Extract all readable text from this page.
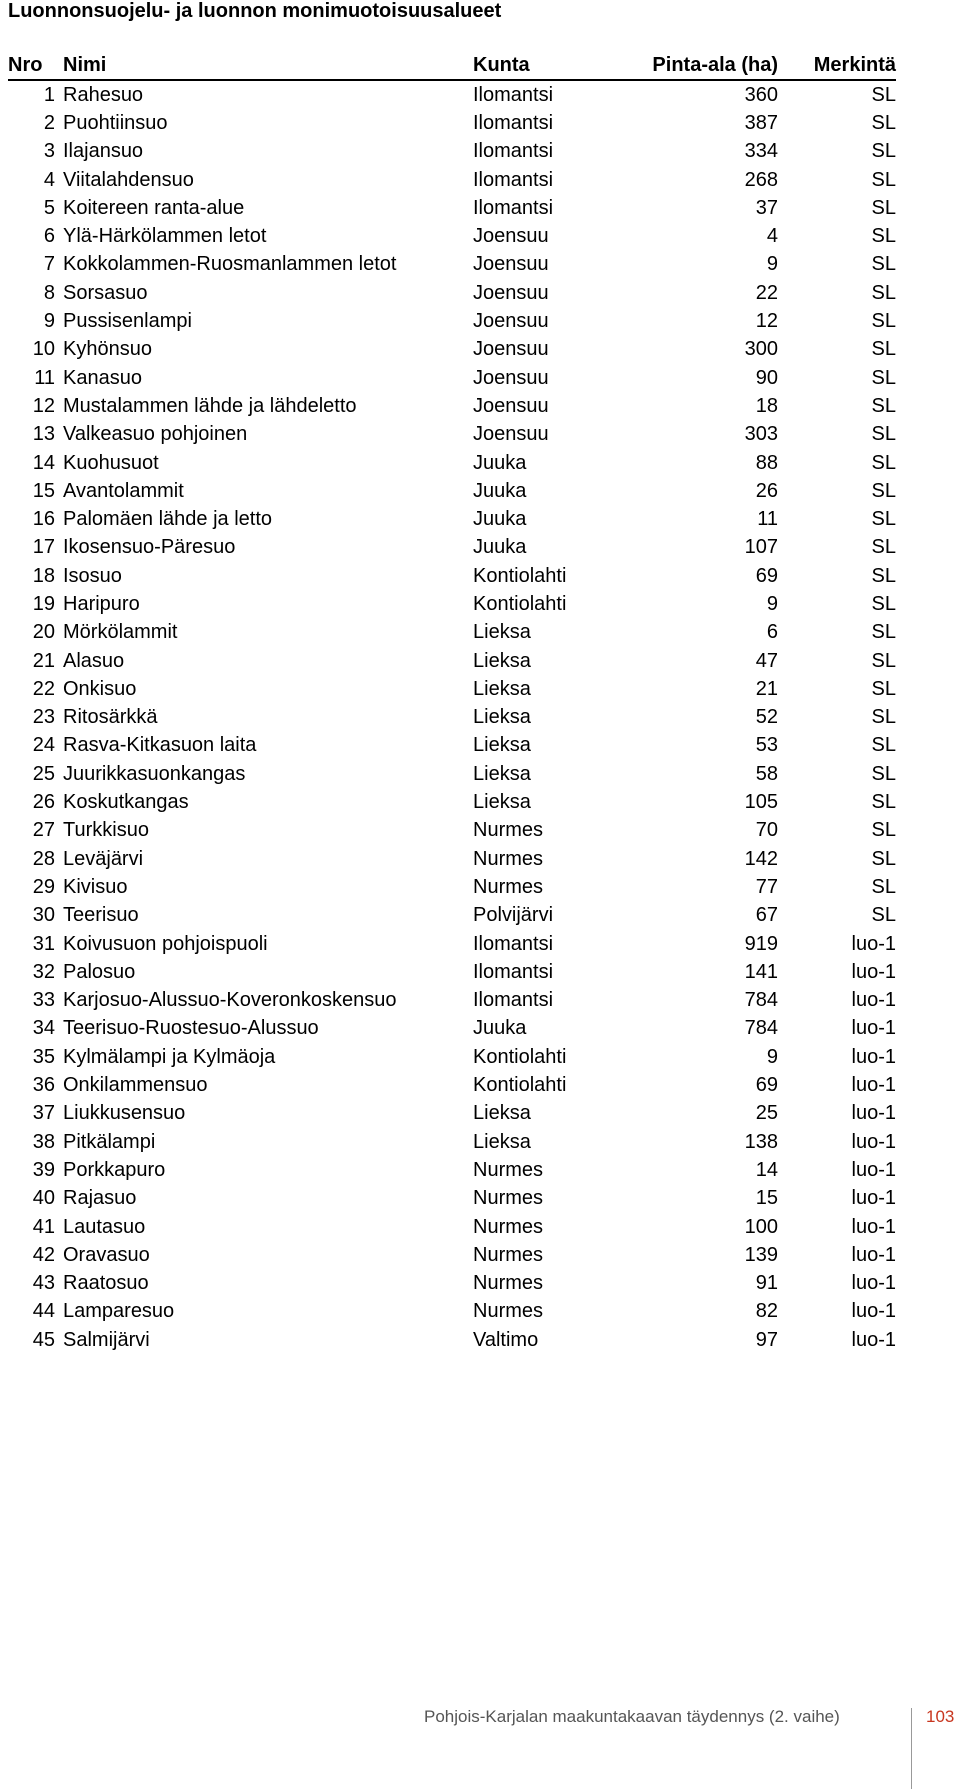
Luonnonsuojelu- ja luonnon monimuotoisuusalueet
Nro	Nimi	Kunta	Pinta-ala (ha)	Merkintä
1	Rahesuo	Ilomantsi	360	SL
2	Puohtiinsuo	Ilomantsi	387	SL
3	Ilajansuo	Ilomantsi	334	SL
4	Viitalahdensuo	Ilomantsi	268	SL
5	Koitereen ranta-alue	Ilomantsi	37	SL
6	Ylä-Härkölammen letot	Joensuu	4	SL
7	Kokkolammen-Ruosmanlammen letot	Joensuu	9	SL
8	Sorsasuo	Joensuu	22	SL
9	Pussisenlampi	Joensuu	12	SL
10	Kyhönsuo	Joensuu	300	SL
11	Kanasuo	Joensuu	90	SL
12	Mustalammen lähde ja lähdeletto	Joensuu	18	SL
13	Valkeasuo pohjoinen	Joensuu	303	SL
14	Kuohusuot	Juuka	88	SL
15	Avantolammit	Juuka	26	SL
16	Palomäen lähde ja letto	Juuka	11	SL
17	Ikosensuo-Päresuo	Juuka	107	SL
18	Isosuo	Kontiolahti	69	SL
19	Haripuro	Kontiolahti	9	SL
20	Mörkölammit	Lieksa	6	SL
21	Alasuo	Lieksa	47	SL
22	Onkisuo	Lieksa	21	SL
23	Ritosärkkä	Lieksa	52	SL
24	Rasva-Kitkasuon laita	Lieksa	53	SL
25	Juurikkasuonkangas	Lieksa	58	SL
26	Koskutkangas	Lieksa	105	SL
27	Turkkisuo	Nurmes	70	SL
28	Leväjärvi	Nurmes	142	SL
29	Kivisuo	Nurmes	77	SL
30	Teerisuo	Polvijärvi	67	SL
31	Koivusuon pohjoispuoli	Ilomantsi	919	luo-1
32	Palosuo	Ilomantsi	141	luo-1
33	Karjosuo-Alussuo-Koveronkoskensuo	Ilomantsi	784	luo-1
34	Teerisuo-Ruostesuo-Alussuo	Juuka	784	luo-1
35	Kylmälampi ja Kylmäoja	Kontiolahti	9	luo-1
36	Onkilammensuo	Kontiolahti	69	luo-1
37	Liukkusensuo	Lieksa	25	luo-1
38	Pitkälampi	Lieksa	138	luo-1
39	Porkkapuro	Nurmes	14	luo-1
40	Rajasuo	Nurmes	15	luo-1
41	Lautasuo	Nurmes	100	luo-1
42	Oravasuo	Nurmes	139	luo-1
43	Raatosuo	Nurmes	91	luo-1
44	Lamparesuo	Nurmes	82	luo-1
45	Salmijärvi	Valtimo	97	luo-1
Pohjois-Karjalan maakuntakaavan täydennys (2. vaihe)	103
